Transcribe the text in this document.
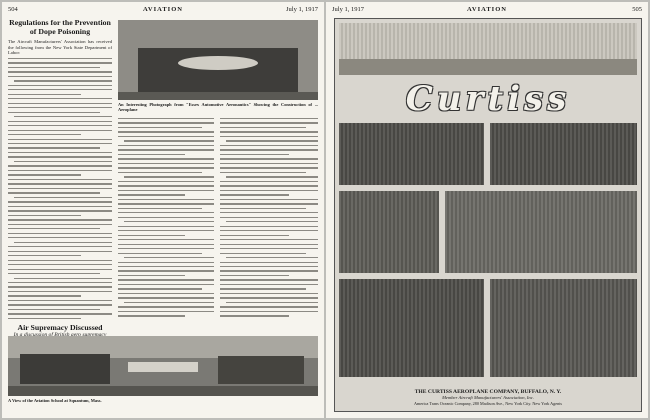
504	AVIATION	July 1, 1917
Regulations for the Prevention of Dope Poisoning
The Aircraft Manufacturers' Association has received the following from the New York State Department of Labor:
Air Supremacy Discussed
An Interesting Photograph from "Essex Automotive Aeronautics" Showing the Construction of ... Aeroplane
A View of the Aviation School at Squantum, Mass.
July 1, 1917	AVIATION	505
Curtiss
THE CURTISS AEROPLANE COMPANY, BUFFALO, N. Y.
Member Aircraft Manufacturers' Association, Inc.
America Trans Oceanic Company, 280 Madison Ave., New York City. New York Agents
